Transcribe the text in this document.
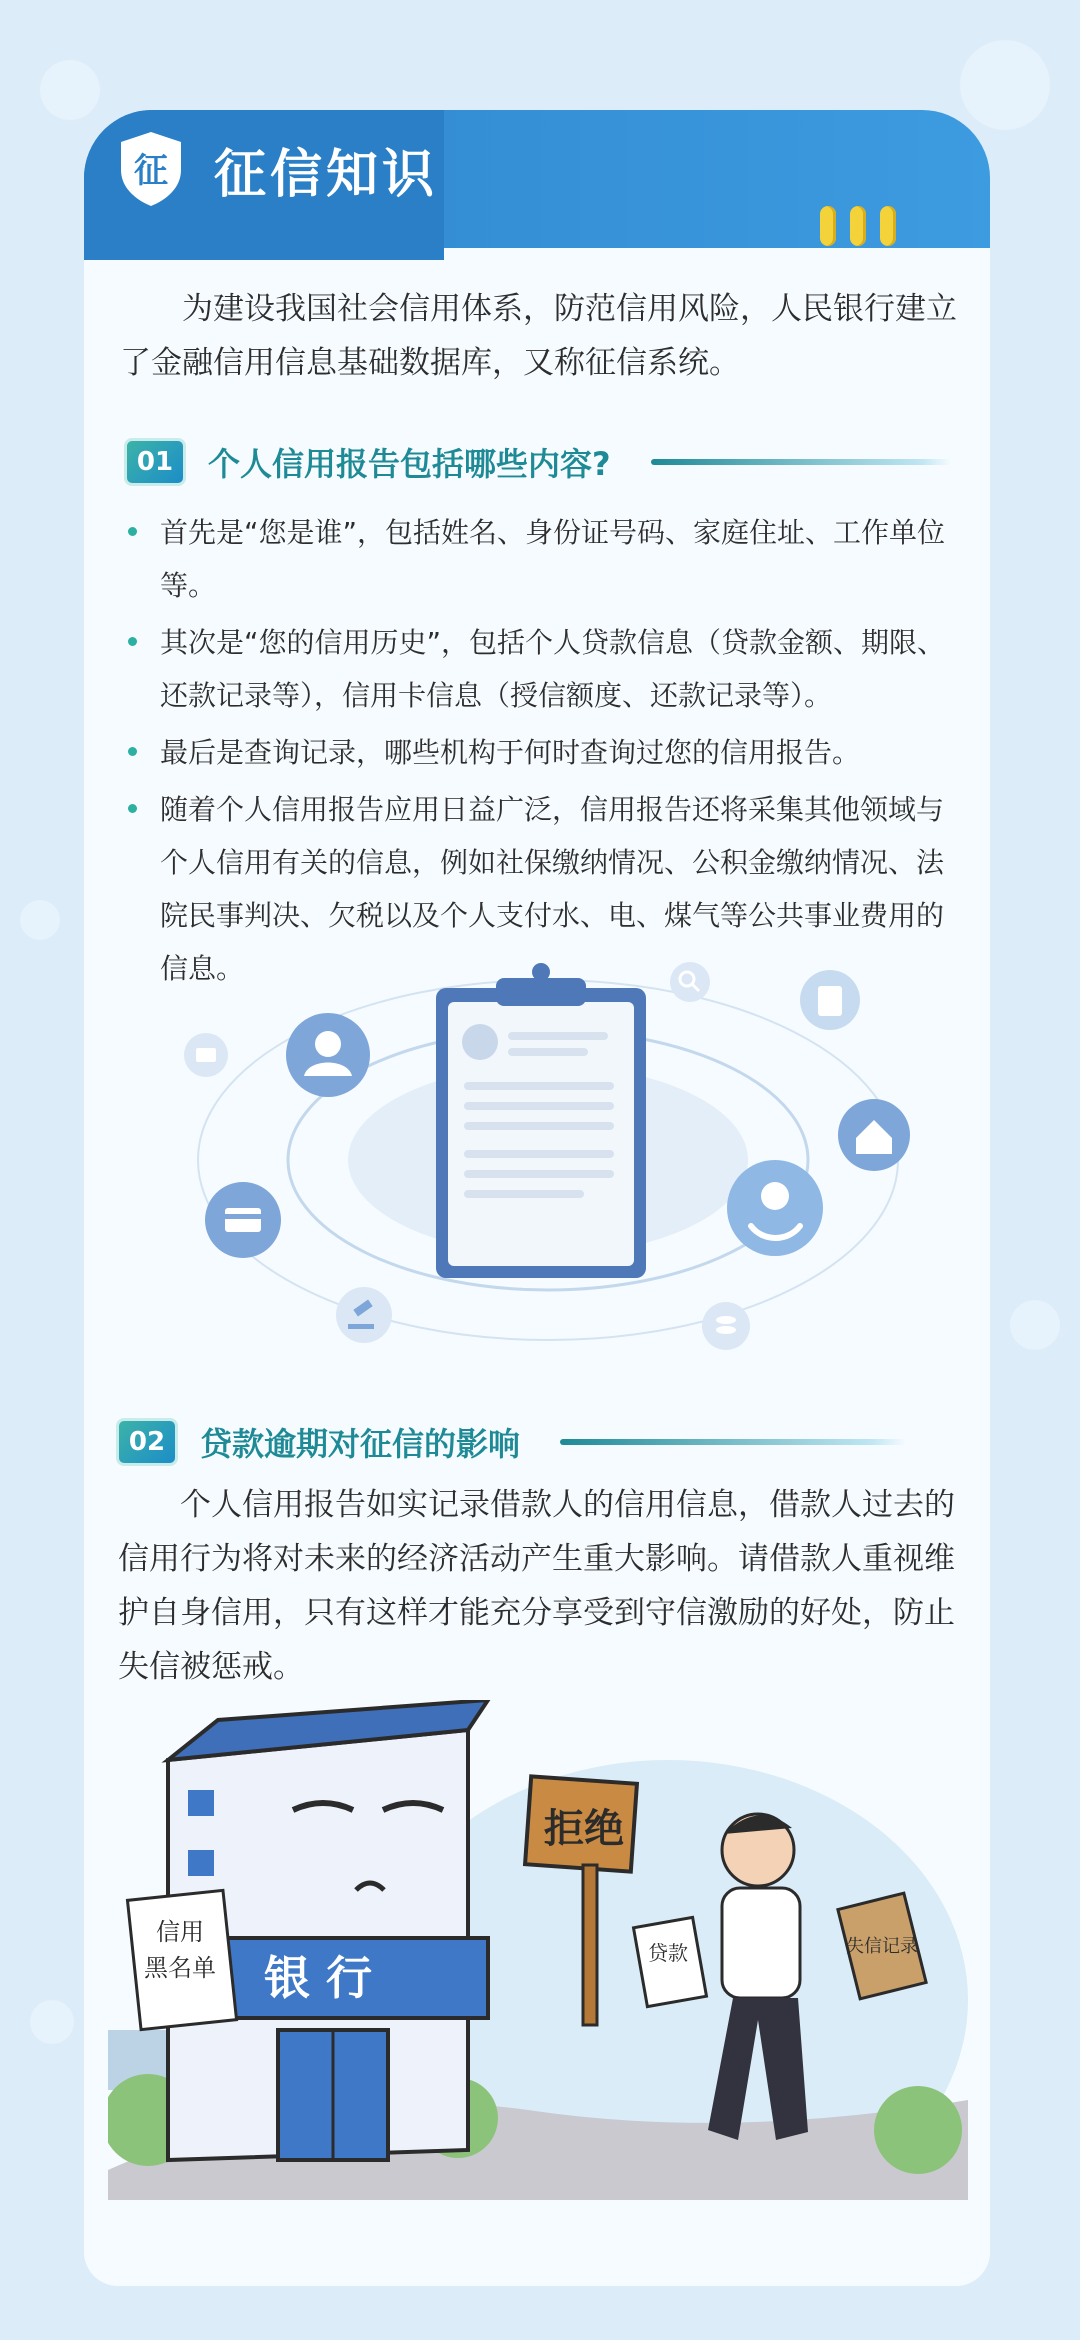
征 征信知识

为建设我国社会信用体系，防范信用风险，人民银行建立了金融信用信息基础数据库，又称征信系统。

01	个人信用报告包括哪些内容?
首先是“您是谁”，包括姓名、身份证号码、家庭住址、工作单位等。
其次是“您的信用历史”，包括个人贷款信息（贷款金额、期限、还款记录等），信用卡信息（授信额度、还款记录等）。
最后是查询记录，哪些机构于何时查询过您的信用报告。
随着个人信用报告应用日益广泛，信用报告还将采集其他领域与个人信用有关的信息，例如社保缴纳情况、公积金缴纳情况、法院民事判决、欠税以及个人支付水、电、煤气等公共事业费用的信息。
02	贷款逾期对征信的影响

个人信用报告如实记录借款人的信用信息，借款人过去的信用行为将对未来的经济活动产生重大影响。请借款人重视维护自身信用，只有这样才能充分享受到守信激励的好处，防止失信被惩戒。

银 行
信用
黑名单
拒绝
贷款	失信记录
